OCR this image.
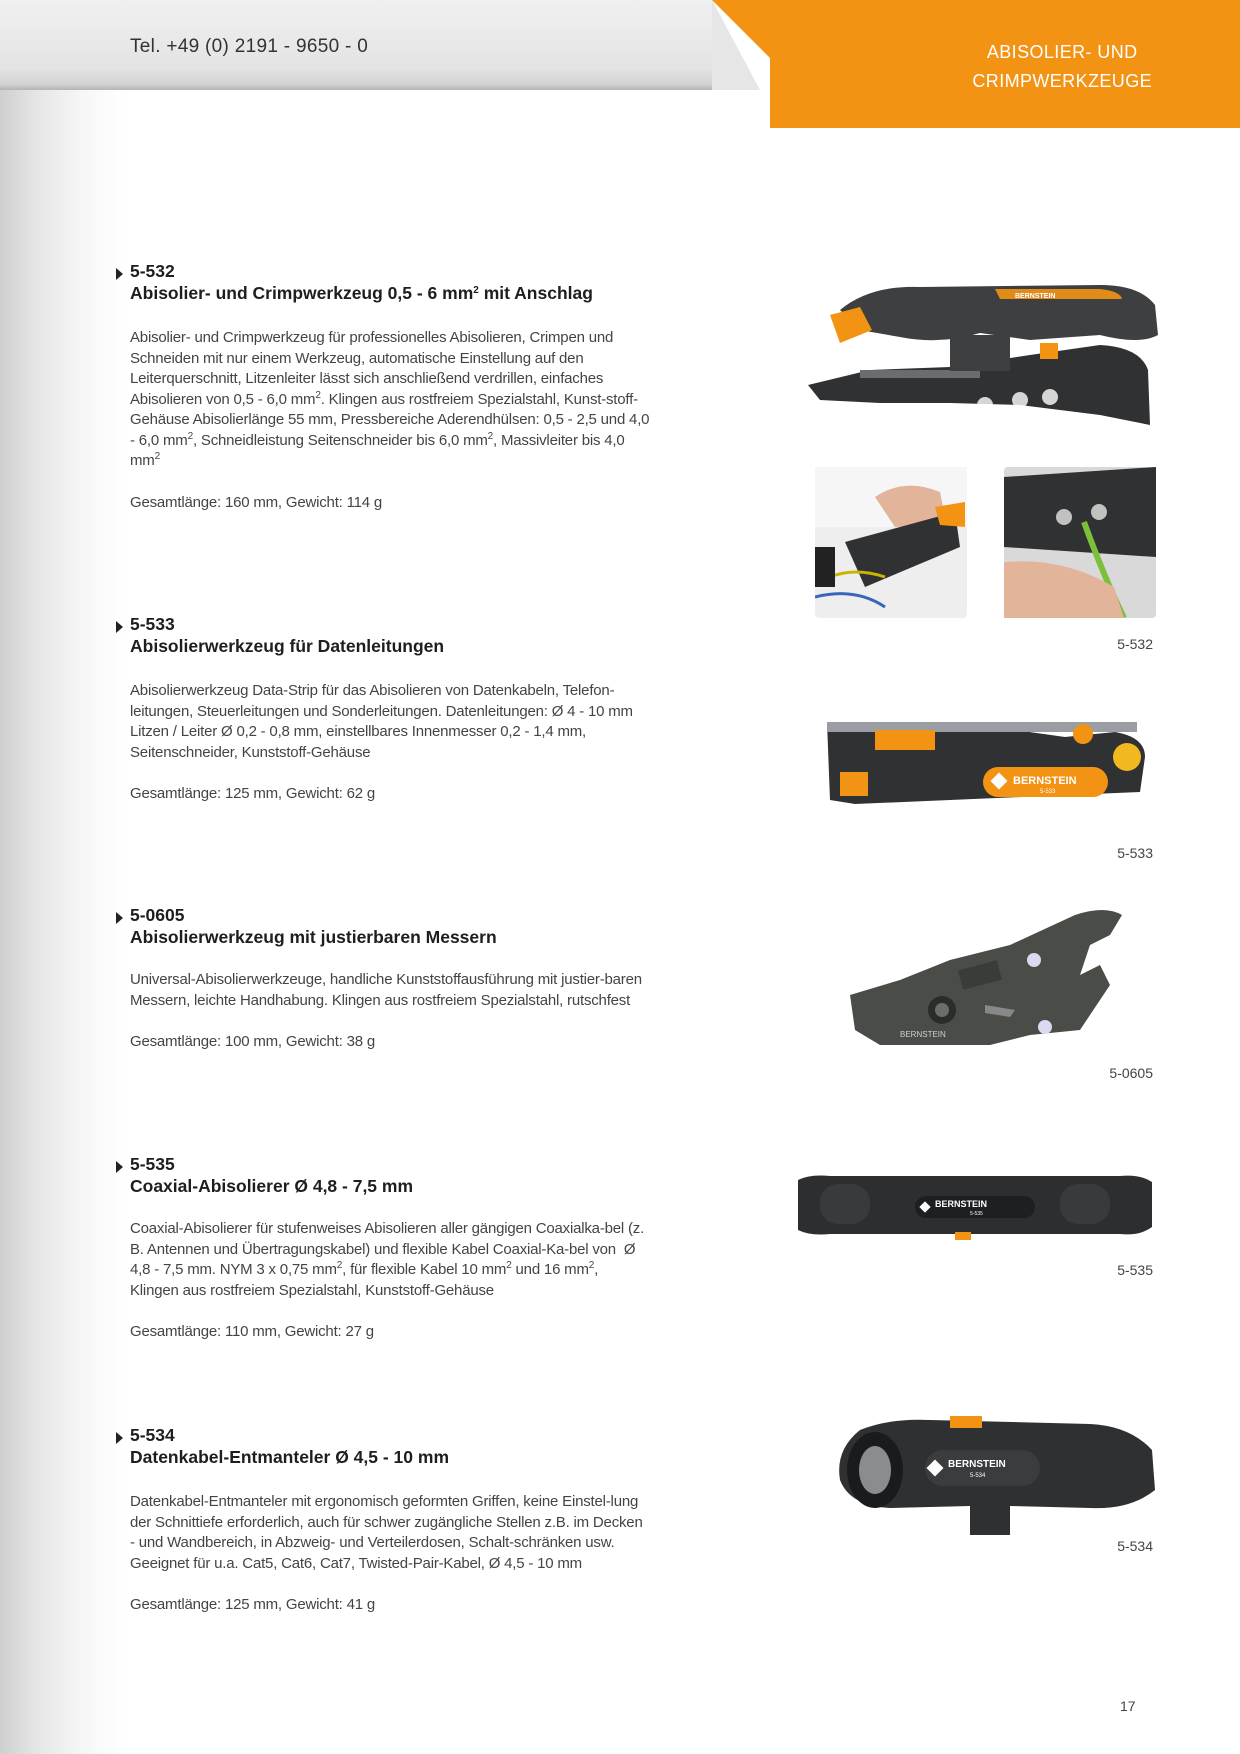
Tel. +49 (0) 2191 - 9650 - 0	ABISOLIER- UND
CRIMPWERKZEUGE
5-532
Abisolier- und Crimpwerkzeug 0,5 - 6 $mm^2$ mit Anschlag
Abisolier- und Crimpwerkzeug für professionelles Abisolieren, Crimpen und Schneiden mit nur einem Werkzeug, automatische Einstellung auf den Leiterquerschnitt, Litzenleiter lässt sich anschließend verdrillen, einfaches Abisolieren von 0,5 - 6,0 $mm^2$. Klingen aus rostfreiem Spezialstahl, Kunst-stoff-Gehäuse Abisolierlänge 55 mm, Pressbereiche Aderendhülsen: 0,5 - 2,5 und 4,0 - 6,0 $mm^2$, Schneidleistung Seitenschneider bis 6,0 $mm^2$, Massivleiter bis 4,0 $mm^2$
Gesamtlänge: 160 mm, Gewicht: 114 g
5-533
Abisolierwerkzeug für Datenleitungen
Abisolierwerkzeug Data-Strip für das Abisolieren von Datenkabeln, Telefon-leitungen, Steuerleitungen und Sonderleitungen. Datenleitungen: Ø 4 - 10 mm Litzen / Leiter Ø 0,2 - 0,8 mm, einstellbares Innenmesser 0,2 - 1,4 mm, Seitenschneider, Kunststoff-Gehäuse
Gesamtlänge: 125 mm, Gewicht: 62 g
5-0605
Abisolierwerkzeug mit justierbaren Messern
Universal-Abisolierwerkzeuge, handliche Kunststoffausführung mit justier-baren Messern, leichte Handhabung. Klingen aus rostfreiem Spezialstahl, rutschfest
Gesamtlänge: 100 mm, Gewicht: 38 g
5-535
Coaxial-Abisolierer Ø 4,8 - 7,5 mm
Coaxial-Abisolierer für stufenweises Abisolieren aller gängigen Coaxialka-bel (z. B. Antennen und Übertragungskabel) und flexible Kabel Coaxial-Ka-bel von  Ø 4,8 - 7,5 mm. NYM 3 x 0,75 $mm^2$, für flexible Kabel 10 $mm^2$ und 16 $mm^2$, Klingen aus rostfreiem Spezialstahl, Kunststoff-Gehäuse
Gesamtlänge: 110 mm, Gewicht: 27 g
5-534
Datenkabel-Entmanteler Ø 4,5 - 10 mm
Datenkabel-Entmanteler mit ergonomisch geformten Griffen, keine Einstel-lung der Schnittiefe erforderlich, auch für schwer zugängliche Stellen z.B. im Decken - und Wandbereich, in Abzweig- und Verteilerdosen, Schalt-schränken usw. Geeignet für u.a. Cat5, Cat6, Cat7, Twisted-Pair-Kabel, Ø 4,5 - 10 mm
Gesamtlänge: 125 mm, Gewicht: 41 g
BERNSTEIN
BERNSTEIN
5-533
BERNSTEIN
BERNSTEIN
5-535
BERNSTEIN
5-534
5-532
5-533
5-0605
5-535
5-534
17
